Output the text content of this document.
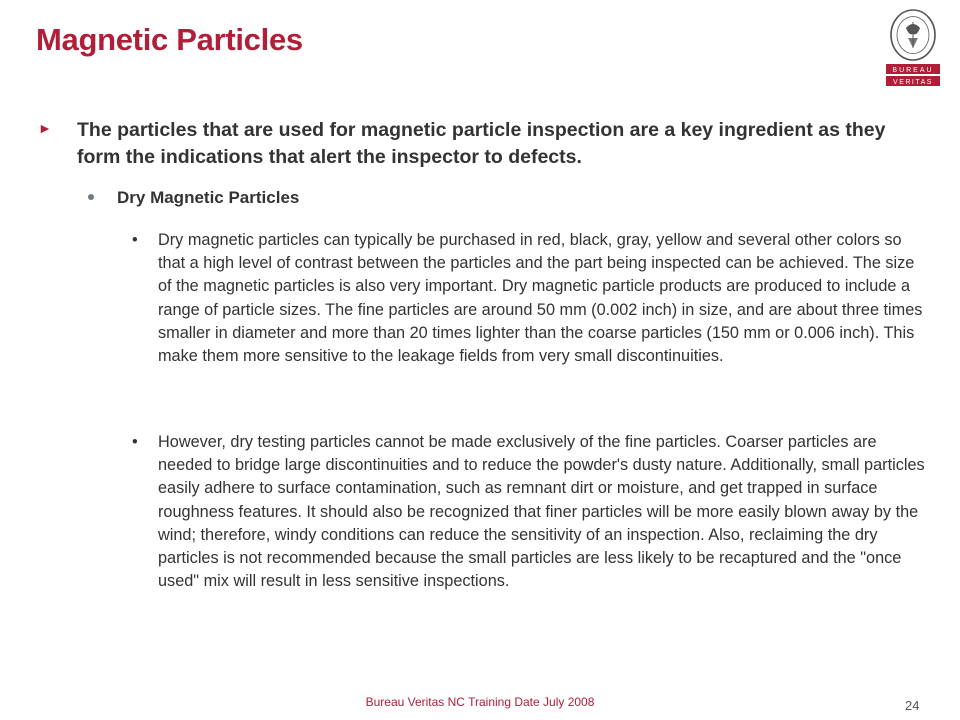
Magnetic Particles
BUREAU
VERITAS
► The particles that are used for magnetic particle inspection are a key ingredient as they form the indications that alert the inspector to defects.
Dry Magnetic Particles
• Dry magnetic particles can typically be purchased in red, black, gray, yellow and several other colors so that a high level of contrast between the particles and the part being inspected can be achieved. The size of the magnetic particles is also very important. Dry magnetic particle products are produced to include a range of particle sizes. The fine particles are around 50 mm (0.002 inch) in size, and are about three times smaller in diameter and more than 20 times lighter than the coarse particles (150 mm or 0.006 inch). This make them more sensitive to the leakage fields from very small discontinuities.
• However, dry testing particles cannot be made exclusively of the fine particles. Coarser particles are needed to bridge large discontinuities and to reduce the powder's dusty nature. Additionally, small particles easily adhere to surface contamination, such as remnant dirt or moisture, and get trapped in surface roughness features. It should also be recognized that finer particles will be more easily blown away by the wind; therefore, windy conditions can reduce the sensitivity of an inspection. Also, reclaiming the dry particles is not recommended because the small particles are less likely to be recaptured and the "once used" mix will result in less sensitive inspections.
Bureau Veritas NC Training Date July 2008	24
